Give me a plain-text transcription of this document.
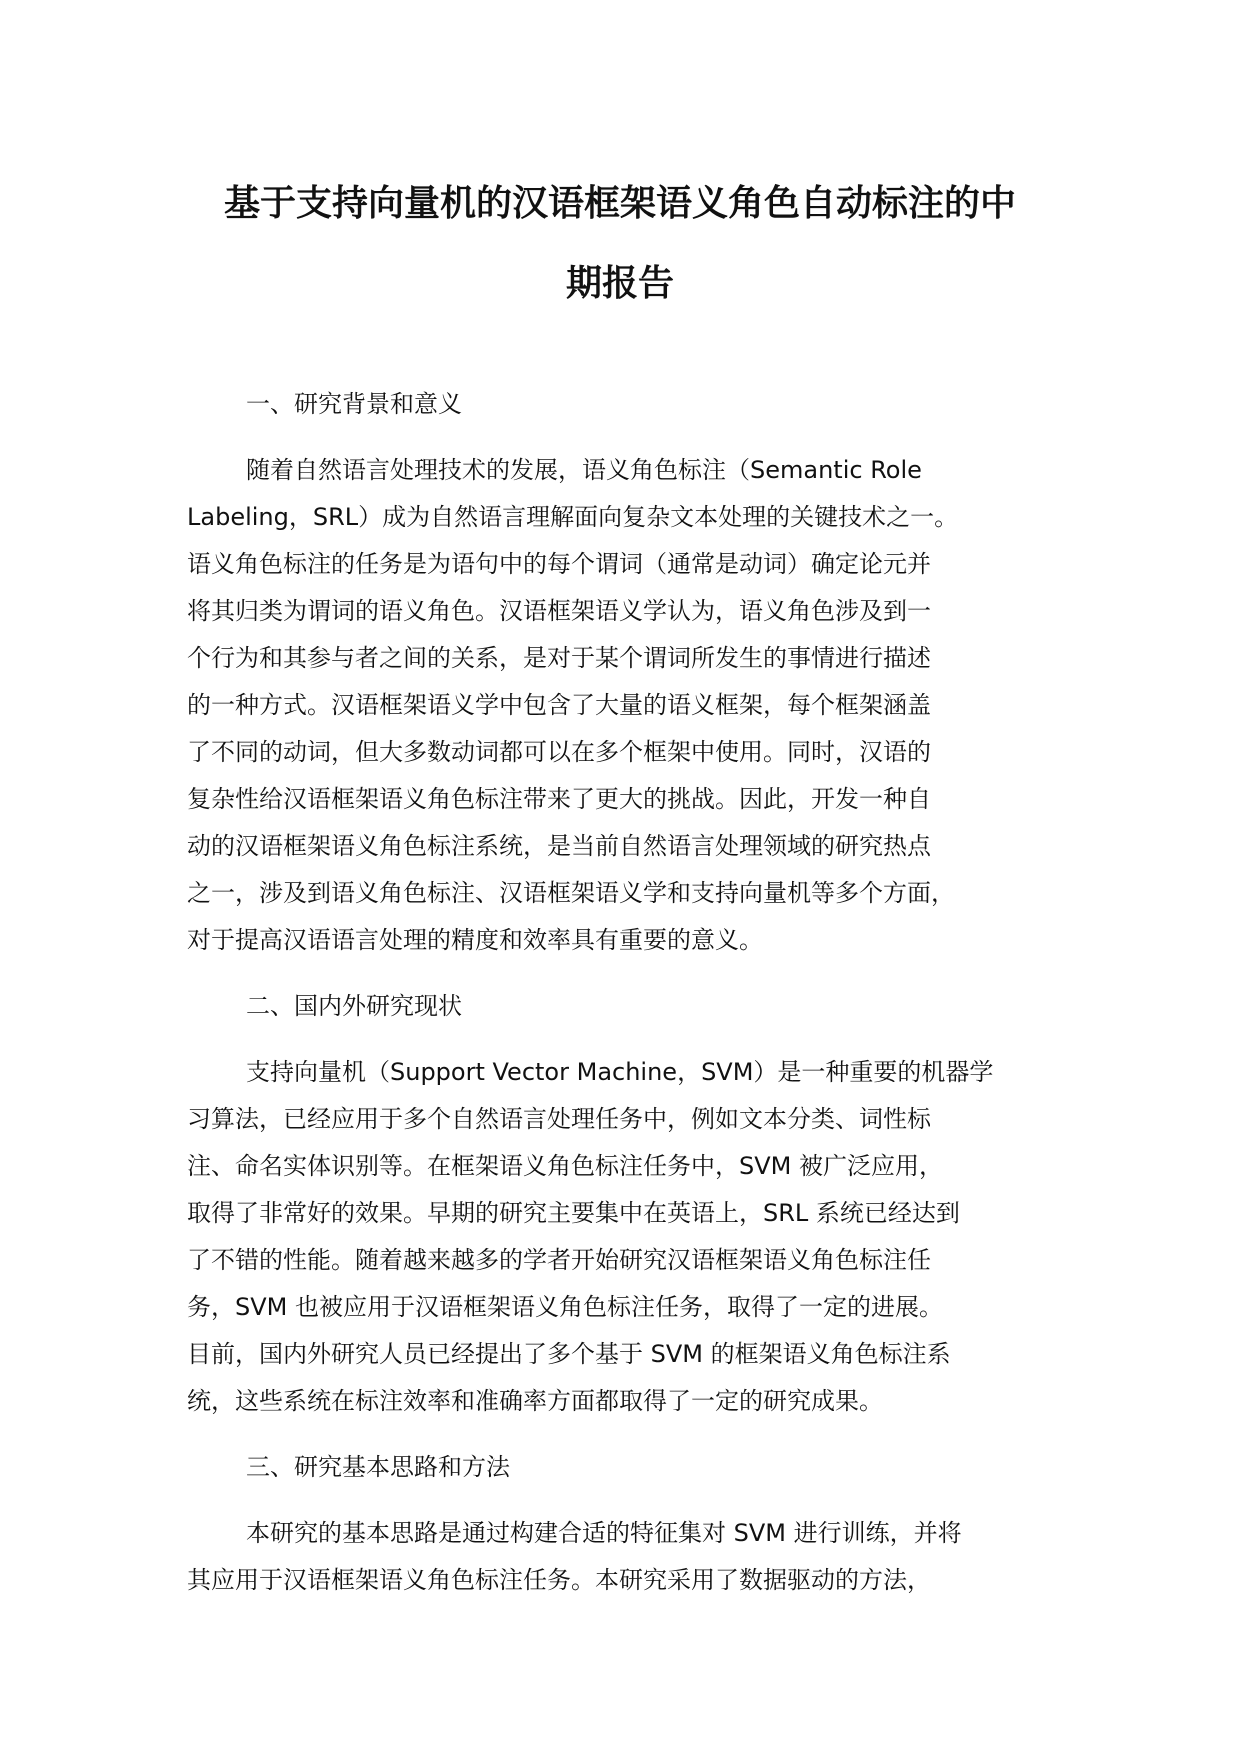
基于支持向量机的汉语框架语义角色自动标注的中
期报告

一、研究背景和意义

随着自然语言处理技术的发展，语义角色标注（Semantic Role
Labeling，SRL）成为自然语言理解面向复杂文本处理的关键技术之一。
语义角色标注的任务是为语句中的每个谓词（通常是动词）确定论元并
将其归类为谓词的语义角色。汉语框架语义学认为，语义角色涉及到一
个行为和其参与者之间的关系，是对于某个谓词所发生的事情进行描述
的一种方式。汉语框架语义学中包含了大量的语义框架，每个框架涵盖
了不同的动词，但大多数动词都可以在多个框架中使用。同时，汉语的
复杂性给汉语框架语义角色标注带来了更大的挑战。因此，开发一种自
动的汉语框架语义角色标注系统，是当前自然语言处理领域的研究热点
之一，涉及到语义角色标注、汉语框架语义学和支持向量机等多个方面，
对于提高汉语语言处理的精度和效率具有重要的意义。

二、国内外研究现状

支持向量机（Support Vector Machine，SVM）是一种重要的机器学
习算法，已经应用于多个自然语言处理任务中，例如文本分类、词性标
注、命名实体识别等。在框架语义角色标注任务中，SVM 被广泛应用，
取得了非常好的效果。早期的研究主要集中在英语上，SRL 系统已经达到
了不错的性能。随着越来越多的学者开始研究汉语框架语义角色标注任
务，SVM 也被应用于汉语框架语义角色标注任务，取得了一定的进展。
目前，国内外研究人员已经提出了多个基于 SVM 的框架语义角色标注系
统，这些系统在标注效率和准确率方面都取得了一定的研究成果。

三、研究基本思路和方法

本研究的基本思路是通过构建合适的特征集对 SVM 进行训练，并将
其应用于汉语框架语义角色标注任务。本研究采用了数据驱动的方法，
